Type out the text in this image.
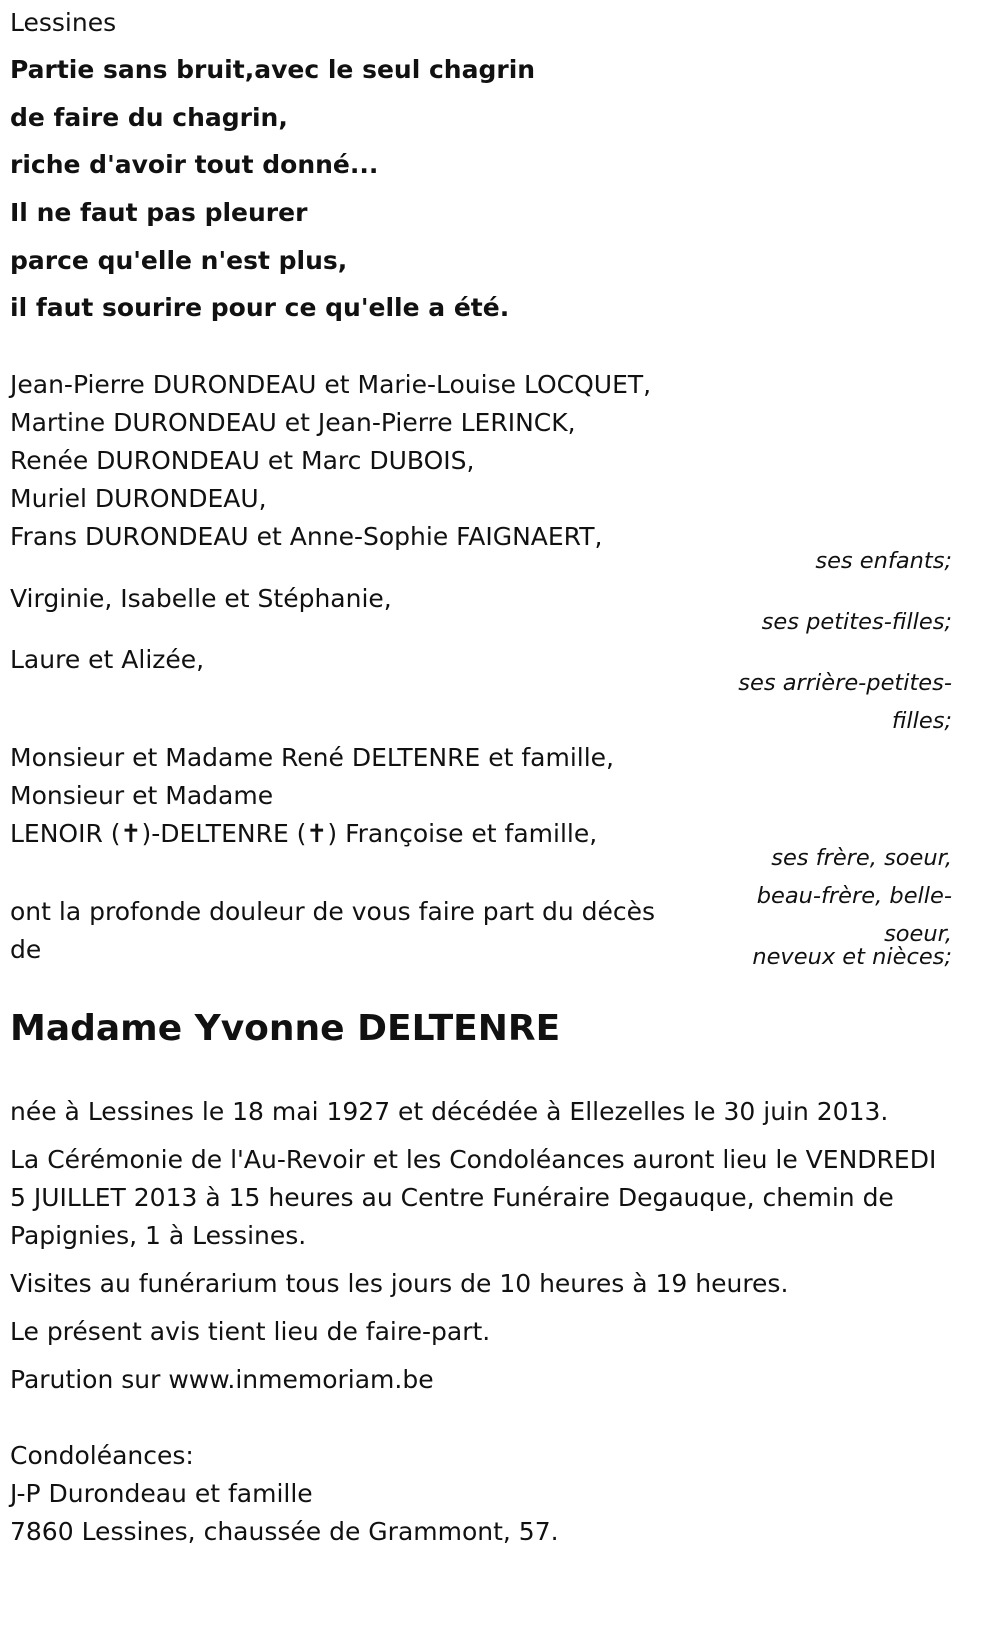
Lessines
Partie sans bruit,avec le seul chagrin
de faire du chagrin,
riche d'avoir tout donné...
Il ne faut pas pleurer
parce qu'elle n'est plus,
il faut sourire pour ce qu'elle a été.
Jean-Pierre DURONDEAU et Marie-Louise LOCQUET,
Martine DURONDEAU et Jean-Pierre LERINCK,
Renée DURONDEAU et Marc DUBOIS,
Muriel DURONDEAU,
Frans DURONDEAU et Anne-Sophie FAIGNAERT,
ses enfants;
Virginie, Isabelle et Stéphanie,
ses petites-filles;
Laure et Alizée,
ses arrière-petites-
filles;
Monsieur et Madame René DELTENRE et famille,
Monsieur et Madame
LENOIR (✝)-DELTENRE (✝) Françoise et famille,
ses frère, soeur,
beau-frère, belle-
soeur,
neveux et nièces;
ont la profonde douleur de vous faire part du décès
de
Madame Yvonne DELTENRE
née à Lessines le 18 mai 1927 et décédée à Ellezelles le 30 juin 2013.
La Cérémonie de l'Au-Revoir et les Condoléances auront lieu le VENDREDI
5 JUILLET 2013 à 15 heures au Centre Funéraire Degauque, chemin de
Papignies, 1 à Lessines.
Visites au funérarium tous les jours de 10 heures à 19 heures.
Le présent avis tient lieu de faire-part.
Parution sur www.inmemoriam.be
Condoléances:
J-P Durondeau et famille
7860 Lessines, chaussée de Grammont, 57.
